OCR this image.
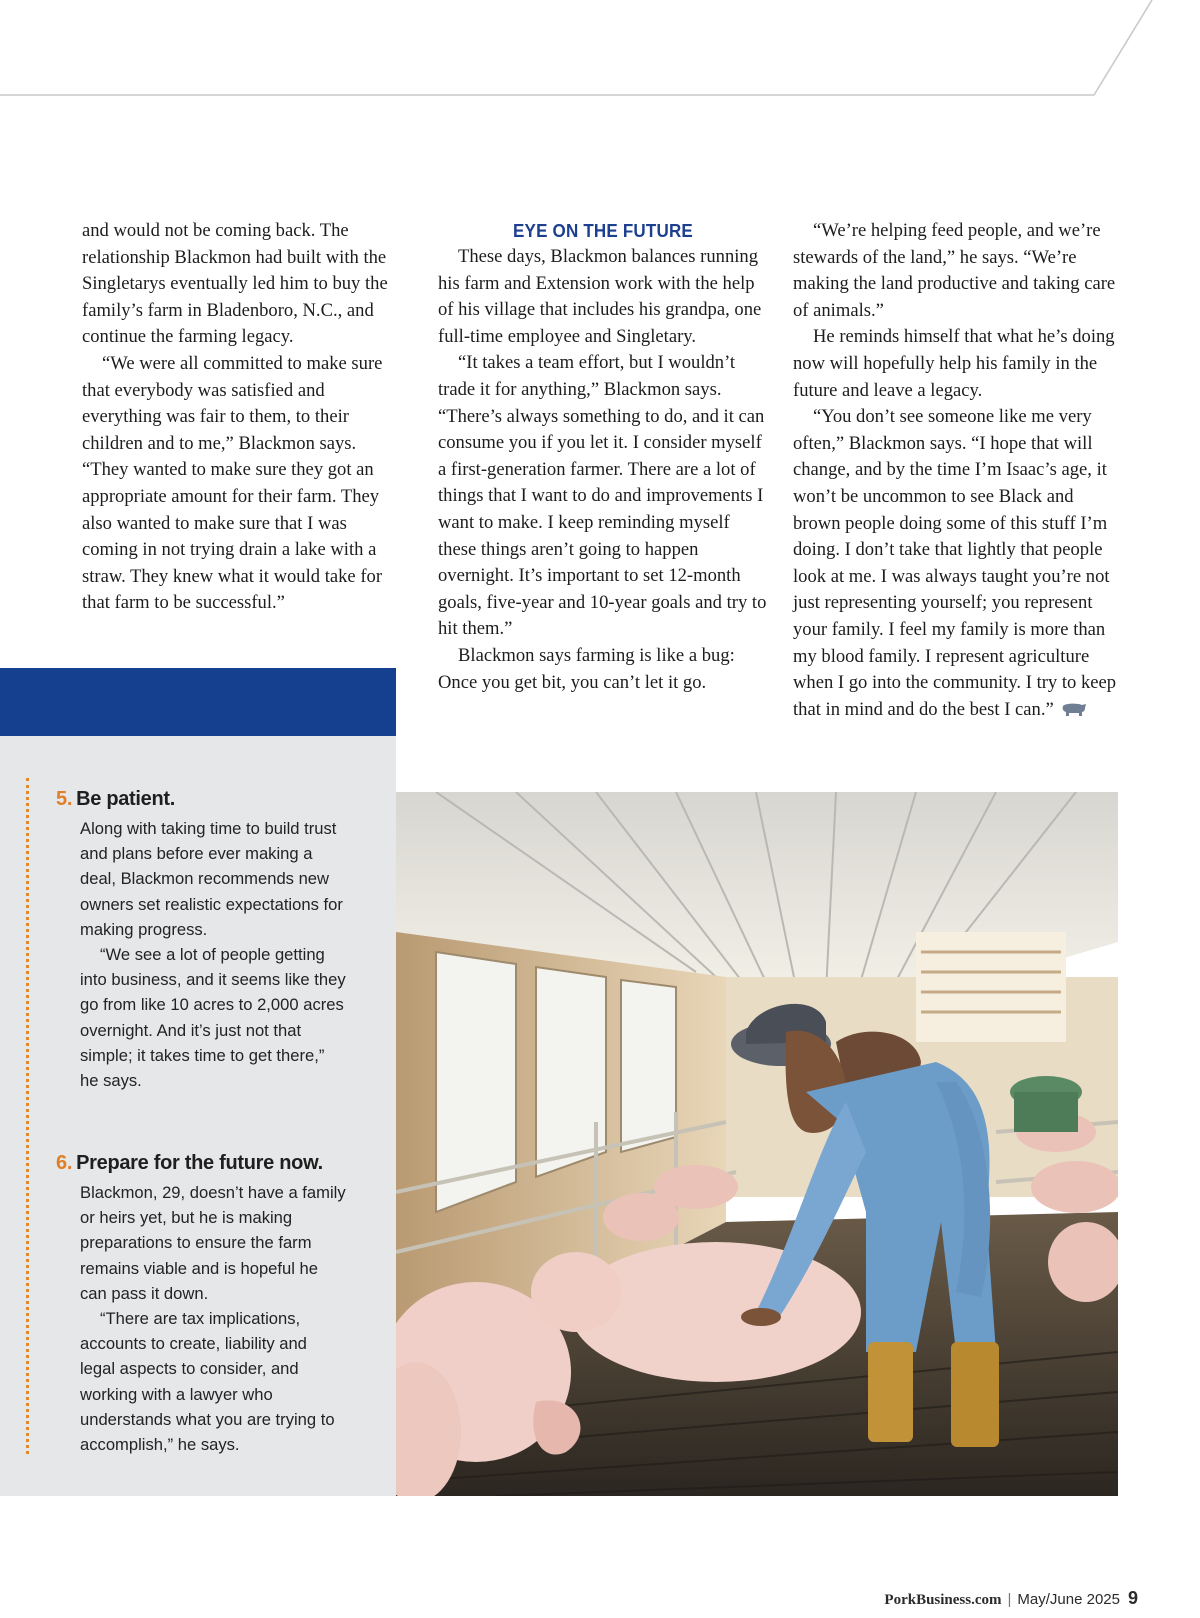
and would not be coming back. The relationship Blackmon had built with the Singletarys eventually led him to buy the family’s farm in Bladenboro, N.C., and continue the farming legacy.

“We were all committed to make sure that everybody was satisfied and everything was fair to them, to their children and to me,” Blackmon says. “They wanted to make sure they got an appropriate amount for their farm. They also wanted to make sure that I was coming in not trying drain a lake with a straw. They knew what it would take for that farm to be successful.”

EYE ON THE FUTURE

These days, Blackmon balances running his farm and Extension work with the help of his village that includes his grandpa, one full-time employee and Singletary.

“It takes a team effort, but I wouldn’t trade it for anything,” Blackmon says. “There’s always something to do, and it can consume you if you let it. I consider myself a first-generation farmer. There are a lot of things that I want to do and improvements I want to make. I keep reminding myself these things aren’t going to happen overnight. It’s important to set 12-month goals, five-year and 10-year goals and try to hit them.”

Blackmon says farming is like a bug: Once you get bit, you can’t let it go.

“We’re helping feed people, and we’re stewards of the land,” he says. “We’re making the land productive and taking care of animals.”

He reminds himself that what he’s doing now will hopefully help his family in the future and leave a legacy.

“You don’t see someone like me very often,” Blackmon says. “I hope that will change, and by the time I’m Isaac’s age, it won’t be uncommon to see Black and brown people doing some of this stuff I’m doing. I don’t take that lightly that people look at me. I was always taught you’re not just representing yourself; you represent your family. I feel my family is more than my blood family. I represent agriculture when I go into the community. I try to keep that in mind and do the best I can.”

5. Be patient.

Along with taking time to build trust and plans before ever making a deal, Blackmon recommends new owners set realistic expectations for making progress.

“We see a lot of people getting into business, and it seems like they go from like 10 acres to 2,000 acres overnight. And it’s just not that simple; it takes time to get there,” he says.

6. Prepare for the future now.

Blackmon, 29, doesn’t have a family or heirs yet, but he is making preparations to ensure the farm remains viable and is hopeful he can pass it down.

“There are tax implications, accounts to create, liability and legal aspects to consider, and working with a lawyer who understands what you are trying to accomplish,” he says.

PorkBusiness.com | May/June 2025 9
